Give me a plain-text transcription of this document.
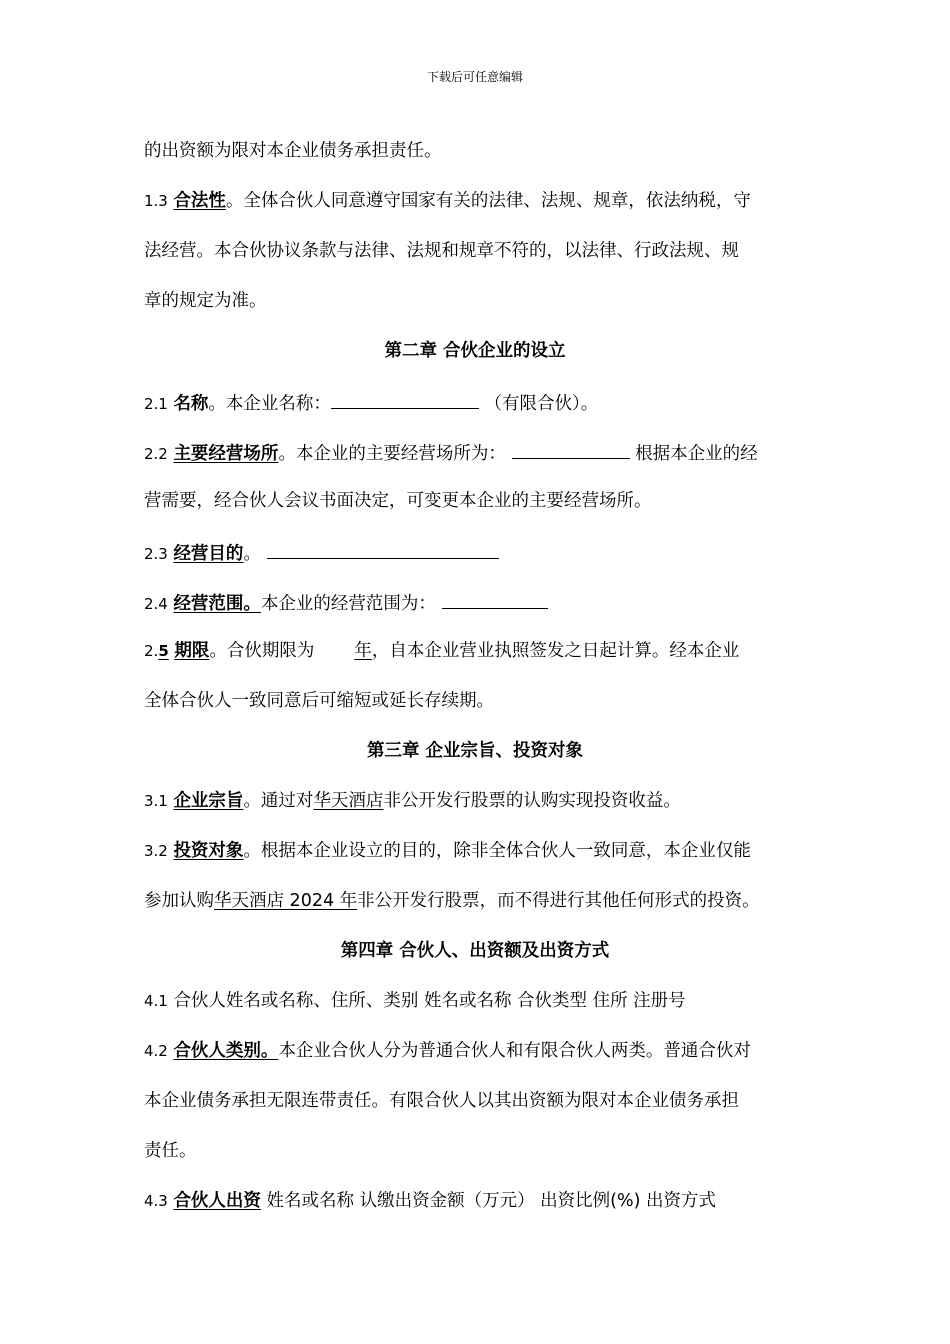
下载后可任意编辑
的出资额为限对本企业债务承担责任。
1.3 合法性。全体合伙人同意遵守国家有关的法律、法规、规章，依法纳税，守
法经营。本合伙协议条款与法律、法规和规章不符的，以法律、行政法规、规
章的规定为准。
第二章 合伙企业的设立
2.1 名称。本企业名称：	（有限合伙）。
2.2 主要经营场所。本企业的主要经营场所为：	根据本企业的经
营需要，经合伙人会议书面决定，可变更本企业的主要经营场所。
2.3 经营目的。
2.4 经营范围。本企业的经营范围为：
2.5 期限。合伙期限为 年，自本企业营业执照签发之日起计算。经本企业
全体合伙人一致同意后可缩短或延长存续期。
第三章 企业宗旨、投资对象
3.1 企业宗旨。通过对华天酒店非公开发行股票的认购实现投资收益。
3.2 投资对象。根据本企业设立的目的，除非全体合伙人一致同意，本企业仅能
参加认购华天酒店 2024 年非公开发行股票，而不得进行其他任何形式的投资。
第四章 合伙人、出资额及出资方式
4.1 合伙人姓名或名称、住所、类别 姓名或名称 合伙类型 住所 注册号
4.2 合伙人类别。本企业合伙人分为普通合伙人和有限合伙人两类。普通合伙对
本企业债务承担无限连带责任。有限合伙人以其出资额为限对本企业债务承担
责任。
4.3 合伙人出资 姓名或名称 认缴出资金额（万元） 出资比例(%) 出资方式
